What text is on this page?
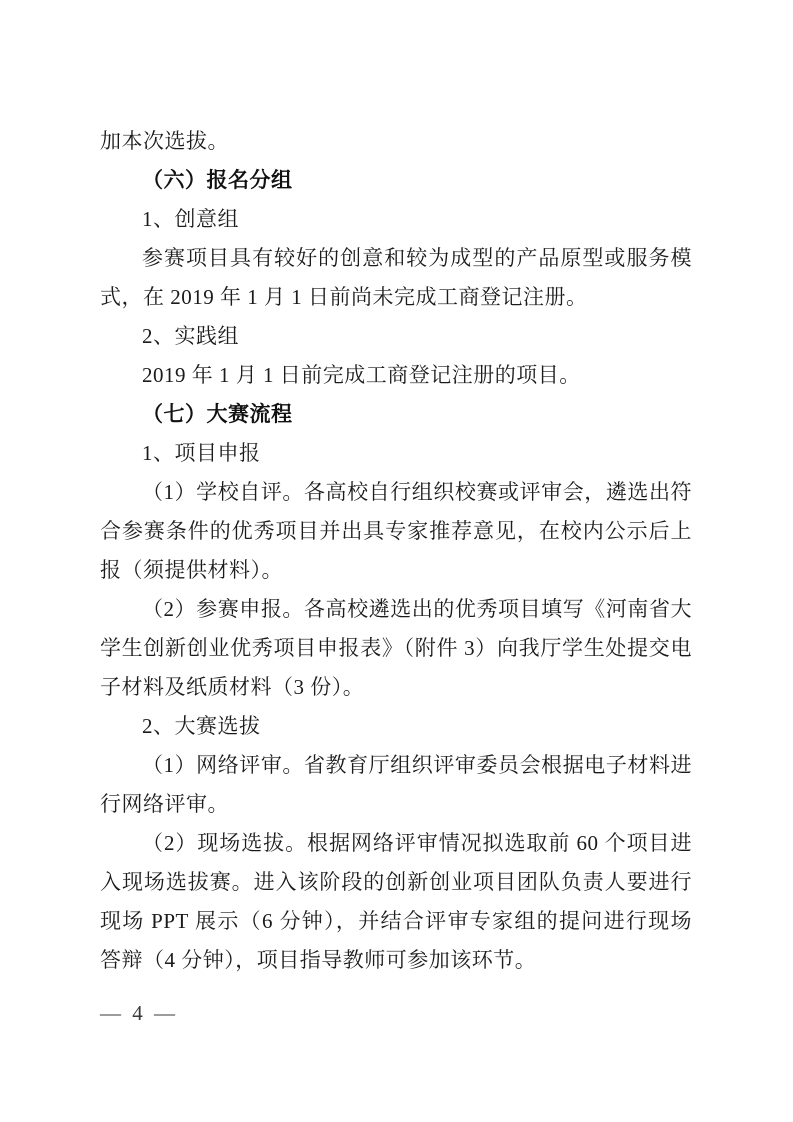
加本次选拔。

（六）报名分组

1、创意组

参赛项目具有较好的创意和较为成型的产品原型或服务模式，在 2019 年 1 月 1 日前尚未完成工商登记注册。

2、实践组

2019 年 1 月 1 日前完成工商登记注册的项目。

（七）大赛流程

1、项目申报

（1）学校自评。各高校自行组织校赛或评审会，遴选出符合参赛条件的优秀项目并出具专家推荐意见，在校内公示后上报（须提供材料）。

（2）参赛申报。各高校遴选出的优秀项目填写《河南省大学生创新创业优秀项目申报表》（附件 3）向我厅学生处提交电子材料及纸质材料（3 份）。

2、大赛选拔

（1）网络评审。省教育厅组织评审委员会根据电子材料进行网络评审。

（2）现场选拔。根据网络评审情况拟选取前 60 个项目进入现场选拔赛。进入该阶段的创新创业项目团队负责人要进行现场 PPT 展示（6 分钟），并结合评审专家组的提问进行现场答辩（4 分钟），项目指导教师可参加该环节。

— 4 —
